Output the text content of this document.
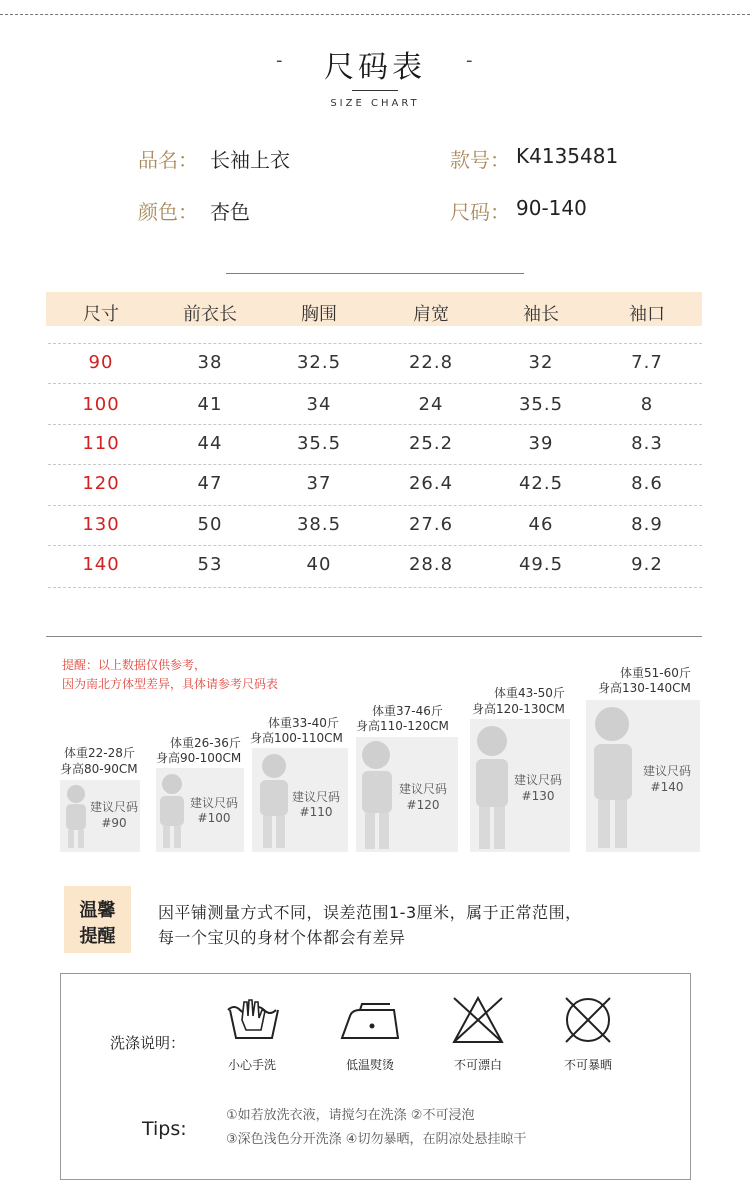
-	尺码表	-
SIZE CHART
品名： 长袖上衣	款号： K4135481
颜色： 杏色	尺码： 90-140
尺寸	前衣长	胸围	肩宽	袖长	袖口
90	38	32.5	22.8	32	7.7
100	41	34	24	35.5	8
110	44	35.5	25.2	39	8.3
120	47	37	26.4	42.5	8.6
130	50	38.5	27.6	46	8.9
140	53	40	28.8	49.5	9.2
提醒：以上数据仅供参考，
因为南北方体型差异，具体请参考尺码表
体重22-28斤
身高80-90CM
建议尺码
#90
体重26-36斤
身高90-100CM
建议尺码
#100
体重33-40斤
身高100-110CM
建议尺码
#110
体重37-46斤
身高110-120CM
建议尺码
#120
体重43-50斤
身高120-130CM
建议尺码
#130
体重51-60斤
身高130-140CM
建议尺码
#140
温馨
提醒
因平铺测量方式不同，误差范围1-3厘米，属于正常范围，
每一个宝贝的身材个体都会有差异
洗涤说明：
小心手洗	低温熨烫	不可漂白	不可暴晒
Tips:
①如若放洗衣液，请搅匀在洗涤 ②不可浸泡
③深色浅色分开洗涤 ④切勿暴晒，在阴凉处悬挂晾干
